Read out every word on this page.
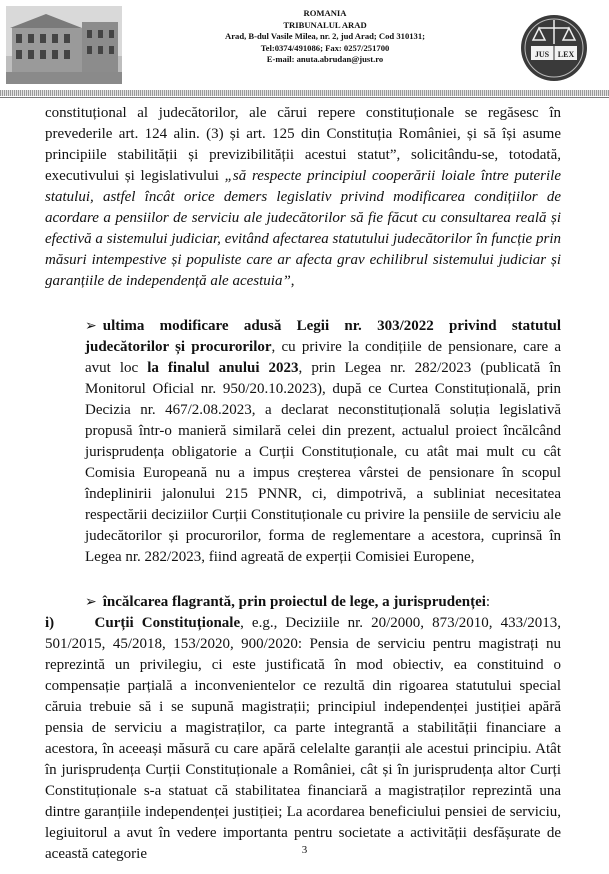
ROMANIA
TRIBUNALUL ARAD
Arad, B-dul Vasile Milea, nr. 2, jud Arad; Cod 310131;
Tel:0374/491086; Fax: 0257/251700
E-mail: anuta.abrudan@just.ro	JUS LEX

constituțional al judecătorilor, ale cărui repere constituționale se regăsesc în prevederile art. 124 alin. (3) și art. 125 din Constituția României, și să își asume principiile stabilității și previzibilității acestui statut”, solicitându-se, totodată, executivului și legislativului „să respecte principiul cooperării loiale între puterile statului, astfel încât orice demers legislativ privind modificarea condițiilor de acordare a pensiilor de serviciu ale judecătorilor să fie făcut cu consultarea reală și efectivă a sistemului judiciar, evitând afectarea statutului judecătorilor în funcție prin măsuri intempestive și populiste care ar afecta grav echilibrul sistemului judiciar și garanțiile de independență ale acestuia”,

➢ ultima modificare adusă Legii nr. 303/2022 privind statutul judecătorilor și procurorilor, cu privire la condițiile de pensionare, care a avut loc la finalul anului 2023, prin Legea nr. 282/2023 (publicată în Monitorul Oficial nr. 950/20.10.2023), după ce Curtea Constituțională, prin Decizia nr. 467/2.08.2023, a declarat neconstituțională soluția legislativă propusă într-o manieră similară celei din prezent, actualul proiect încălcând jurisprudența obligatorie a Curții Constituționale, cu atât mai mult cu cât Comisia Europeană nu a impus creșterea vârstei de pensionare în scopul îndeplinirii jalonului 215 PNNR, ci, dimpotrivă, a subliniat necesitatea respectării deciziilor Curții Constituționale cu privire la pensiile de serviciu ale judecătorilor și procurorilor, forma de reglementare a acestora, cuprinsă în Legea nr. 282/2023, fiind agreată de experții Comisiei Europene,

➢ încălcarea flagrantă, prin proiectul de lege, a jurisprudenței:

i)	Curții Constituționale, e.g., Deciziile nr. 20/2000, 873/2010, 433/2013, 501/2015, 45/2018, 153/2020, 900/2020: Pensia de serviciu pentru magistrați nu reprezintă un privilegiu, ci este justificată în mod obiectiv, ea constituind o compensație parțială a inconvenientelor ce rezultă din rigoarea statutului special căruia trebuie să i se supună magistrații; principiul independenței justiției apără pensia de serviciu a magistraților, ca parte integrantă a stabilității financiare a acestora, în aceeași măsură cu care apără celelalte garanții ale acestui principiu. Atât în jurisprudența Curții Constituționale a României, cât și în jurisprudența altor Curți Constituționale s-a statuat că stabilitatea financiară a magistraților reprezintă una dintre garanțiile independenței justiției; La acordarea beneficiului pensiei de serviciu, legiuitorul a avut în vedere importanta pentru societate a activității desfășurate de această categorie	3
